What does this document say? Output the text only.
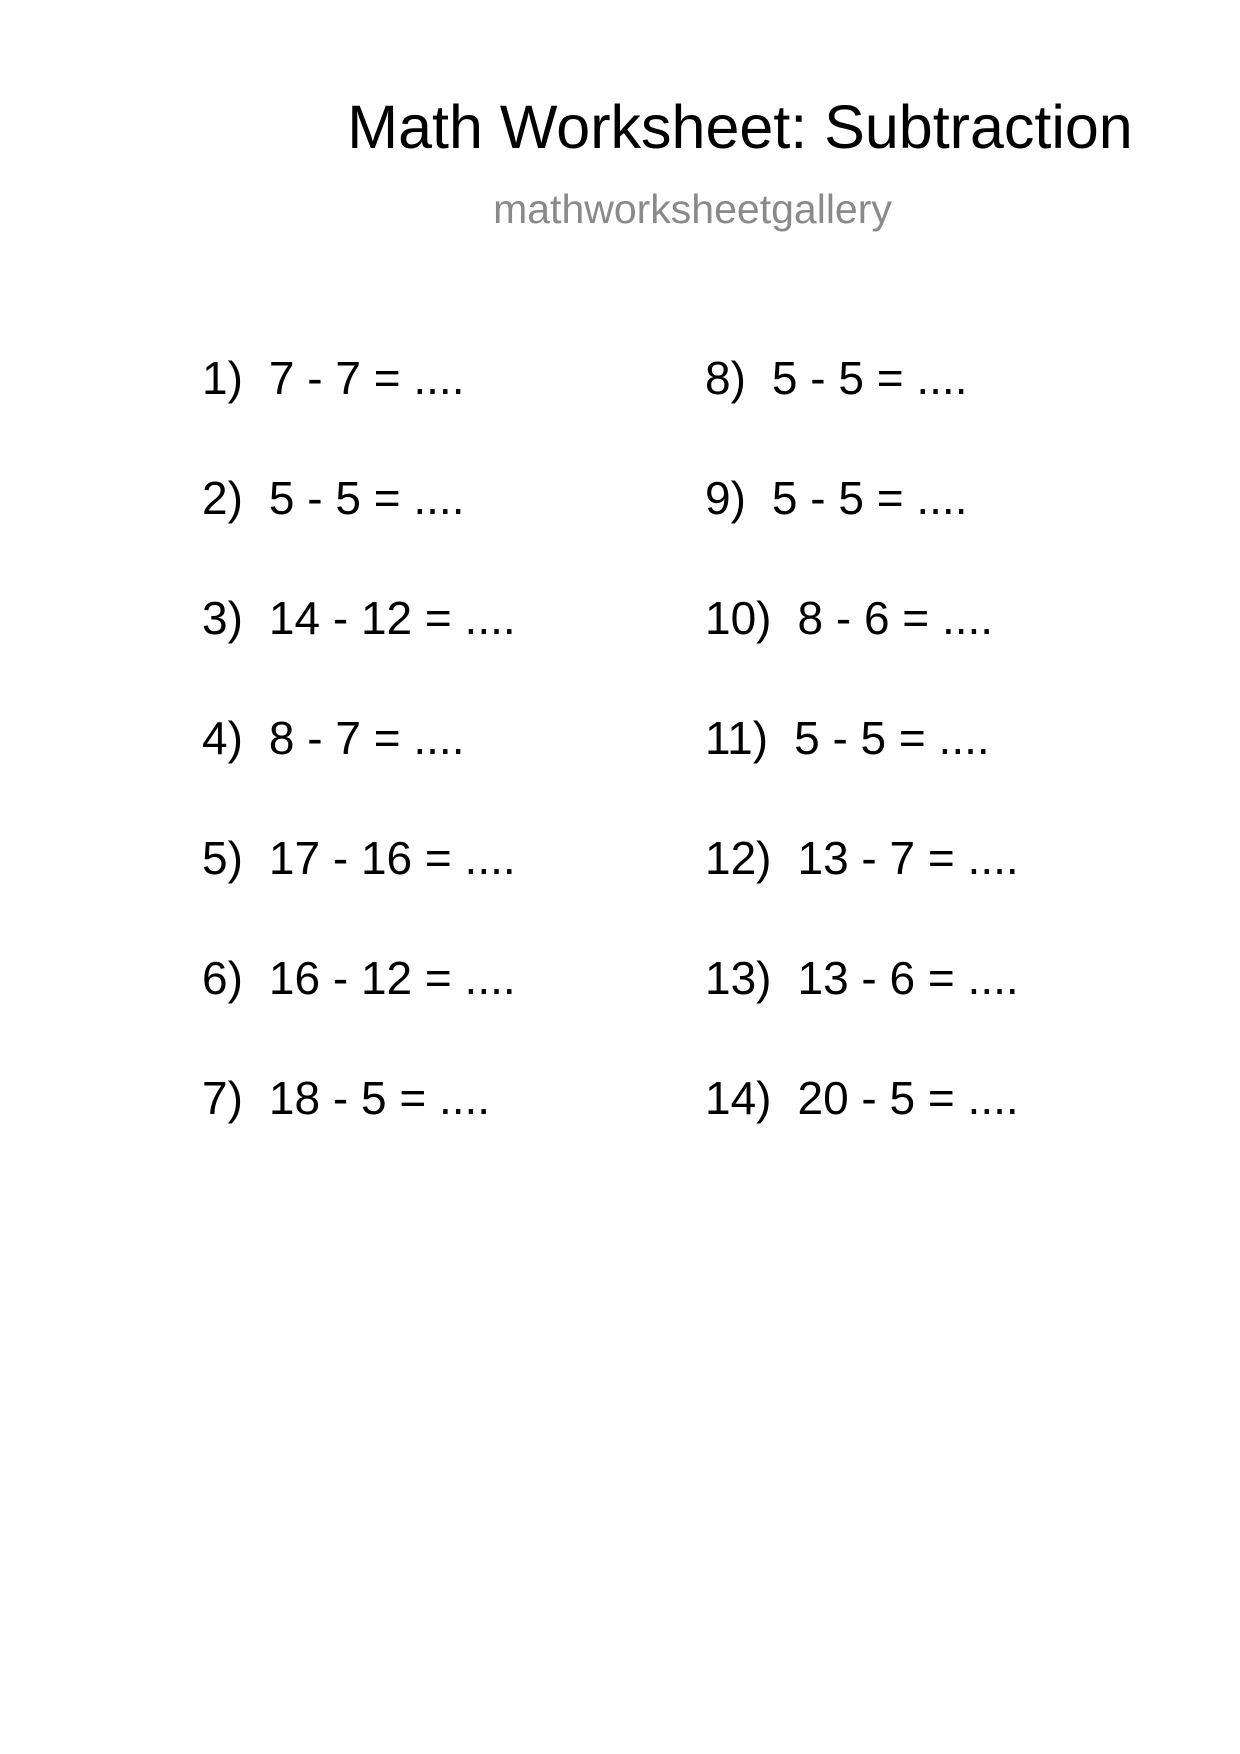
Math Worksheet: Subtraction
mathworksheetgallery
1) 7 - 7 = ....
2) 5 - 5 = ....
3) 14 - 12 = ....
4) 8 - 7 = ....
5) 17 - 16 = ....
6) 16 - 12 = ....
7) 18 - 5 = ....
8) 5 - 5 = ....
9) 5 - 5 = ....
10) 8 - 6 = ....
11) 5 - 5 = ....
12) 13 - 7 = ....
13) 13 - 6 = ....
14) 20 - 5 = ....
